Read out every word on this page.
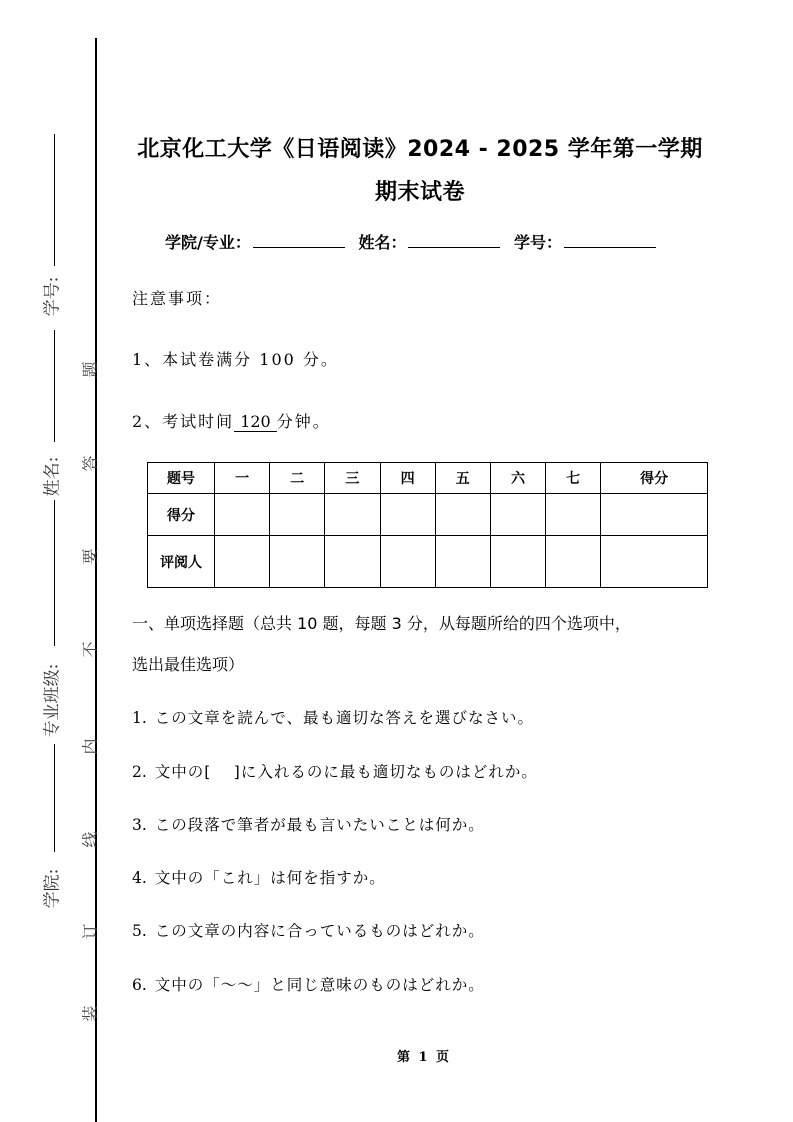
学号:
姓名:
专业班级:
学院:
题
答
要
不
内
线
订
装
北京化工大学《日语阅读》2024 - 2025 学年第一学期
期末试卷
学院/专业：	姓名：	学号：
注意事项：
1、本试卷满分 100 分。
2、考试时间 120 分钟。
题号	一	二	三	四	五	六	七	得分
得分								
评阅人								
一、单项选择题（总共 10 题，每题 3 分，从每题所给的四个选项中，
选出最佳选项）
1. この文章を読んで、最も適切な答えを選びなさい。
2. 文中の[　 ]に入れるのに最も適切なものはどれか。
3. この段落で筆者が最も言いたいことは何か。
4. 文中の「これ」は何を指すか。
5. この文章の内容に合っているものはどれか。
6. 文中の「～～」と同じ意味のものはどれか。
第 1 页
